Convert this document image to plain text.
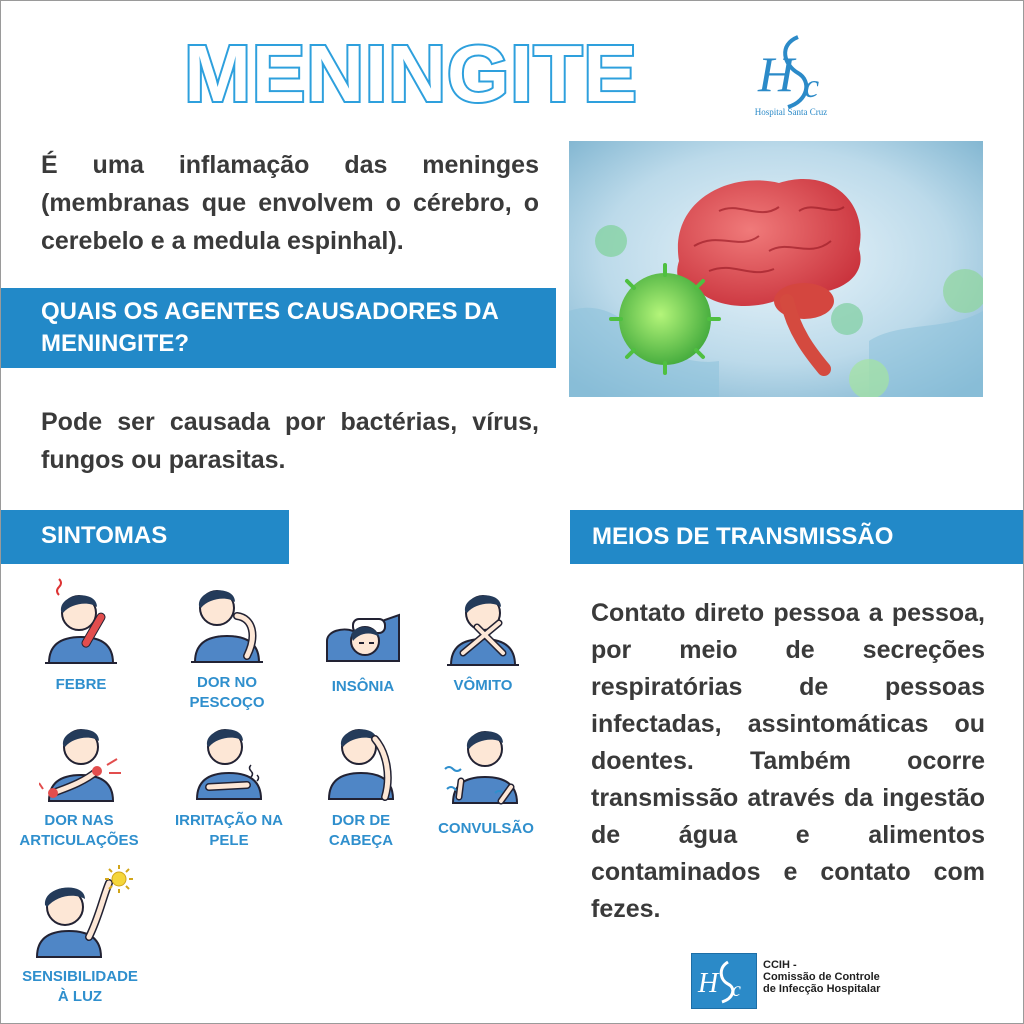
MENINGITE H c
Hospital Santa Cruz

É uma inflamação das meninges (membranas que envolvem o cérebro, o cerebelo e a medula espinhal).

QUAIS OS AGENTES CAUSADORES DA MENINGITE?

Pode ser causada por bactérias, vírus, fungos ou parasitas.

SINTOMAS	MEIOS DE TRANSMISSÃO

Contato direto pessoa a pessoa, por meio de secreções respiratórias de pessoas infectadas, assintomáticas ou doentes. Também ocorre transmissão através da ingestão de água e alimentos contaminados e contato com fezes.

FEBRE	DOR NO PESCOÇO
INSÔNIA	VÔMITO
DOR NAS ARTICULAÇÕES
IRRITAÇÃO NA PELE
DOR DE CABEÇA
CONVULSÃO
SENSIBILIDADE À LUZ	H c
CCIH -
Comissão de Controle
de Infecção Hospitalar
